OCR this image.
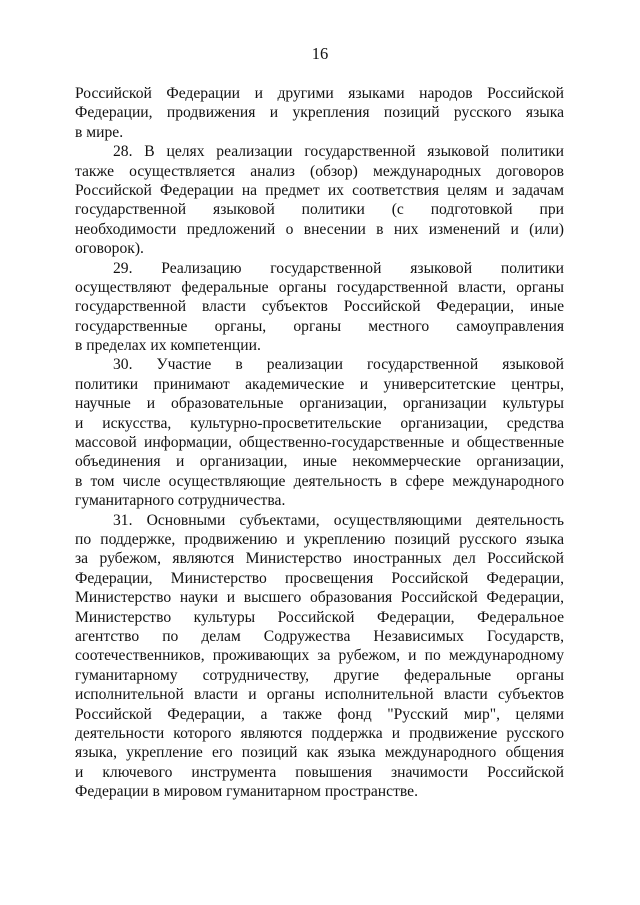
16
Российской Федерации и другими языками народов Российской
Федерации, продвижения и укрепления позиций русского языка
в мире.
28. В целях реализации государственной языковой политики
также осуществляется анализ (обзор) международных договоров
Российской Федерации на предмет их соответствия целям и задачам
государственной языковой политики (с подготовкой при
необходимости предложений о внесении в них изменений и (или)
оговорок).
29. Реализацию государственной языковой политики
осуществляют федеральные органы государственной власти, органы
государственной власти субъектов Российской Федерации, иные
государственные органы, органы местного самоуправления
в пределах их компетенции.
30. Участие в реализации государственной языковой
политики принимают академические и университетские центры,
научные и образовательные организации, организации культуры
и искусства, культурно-просветительские организации, средства
массовой информации, общественно-государственные и общественные
объединения и организации, иные некоммерческие организации,
в том числе осуществляющие деятельность в сфере международного
гуманитарного сотрудничества.
31. Основными субъектами, осуществляющими деятельность
по поддержке, продвижению и укреплению позиций русского языка
за рубежом, являются Министерство иностранных дел Российской
Федерации, Министерство просвещения Российской Федерации,
Министерство науки и высшего образования Российской Федерации,
Министерство культуры Российской Федерации, Федеральное
агентство по делам Содружества Независимых Государств,
соотечественников, проживающих за рубежом, и по международному
гуманитарному сотрудничеству, другие федеральные органы
исполнительной власти и органы исполнительной власти субъектов
Российской Федерации, а также фонд "Русский мир", целями
деятельности которого являются поддержка и продвижение русского
языка, укрепление его позиций как языка международного общения
и ключевого инструмента повышения значимости Российской
Федерации в мировом гуманитарном пространстве.
